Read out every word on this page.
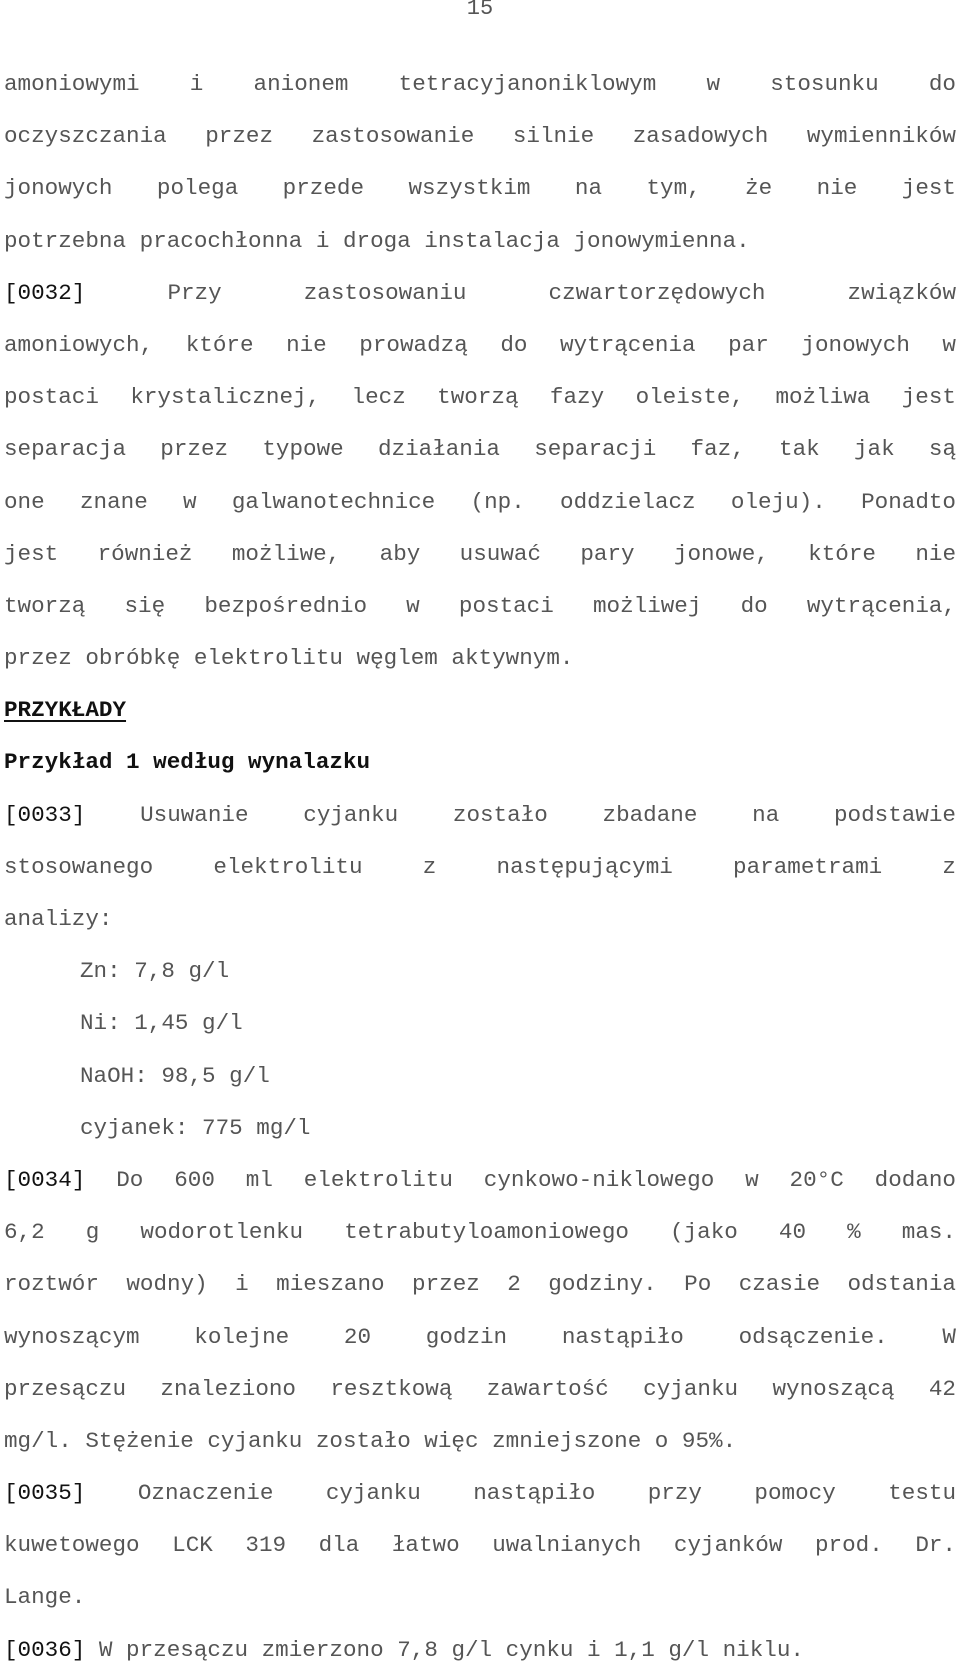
15
amoniowymi i anionem tetracyjanoniklowym w stosunku do
oczyszczania przez zastosowanie silnie zasadowych wymienników
jonowych polega przede wszystkim na tym, że nie jest
potrzebna pracochłonna i droga instalacja jonowymienna.
[0032]	Przy zastosowaniu czwartorzędowych związków
amoniowych, które nie prowadzą do wytrącenia par jonowych w
postaci krystalicznej, lecz tworzą fazy oleiste, możliwa jest
separacja przez typowe działania separacji faz, tak jak są
one znane w galwanotechnice (np. oddzielacz oleju). Ponadto
jest również możliwe, aby usuwać pary jonowe, które nie
tworzą się bezpośrednio w postaci możliwej do wytrącenia,
przez obróbkę elektrolitu węglem aktywnym.
PRZYKŁADY
Przykład 1 według wynalazku
[0033] Usuwanie cyjanku zostało zbadane na podstawie
stosowanego elektrolitu z następującymi parametrami z
analizy:
Zn: 7,8 g/l
Ni: 1,45 g/l
NaOH: 98,5 g/l
cyjanek: 775 mg/l
[0034] Do 600 ml elektrolitu cynkowo-niklowego w 20°C dodano
6,2 g wodorotlenku tetrabutyloamoniowego (jako 40 % mas.
roztwór wodny) i mieszano przez 2 godziny. Po czasie odstania
wynoszącym kolejne 20 godzin nastąpiło odsączenie. W
przesączu znaleziono resztkową zawartość cyjanku wynoszącą 42
mg/l. Stężenie cyjanku zostało więc zmniejszone o 95%.
[0035] Oznaczenie cyjanku nastąpiło przy pomocy testu
kuwetowego LCK 319 dla łatwo uwalnianych cyjanków prod. Dr.
Lange.
[0036] W przesączu zmierzono 7,8 g/l cynku i 1,1 g/l niklu.
